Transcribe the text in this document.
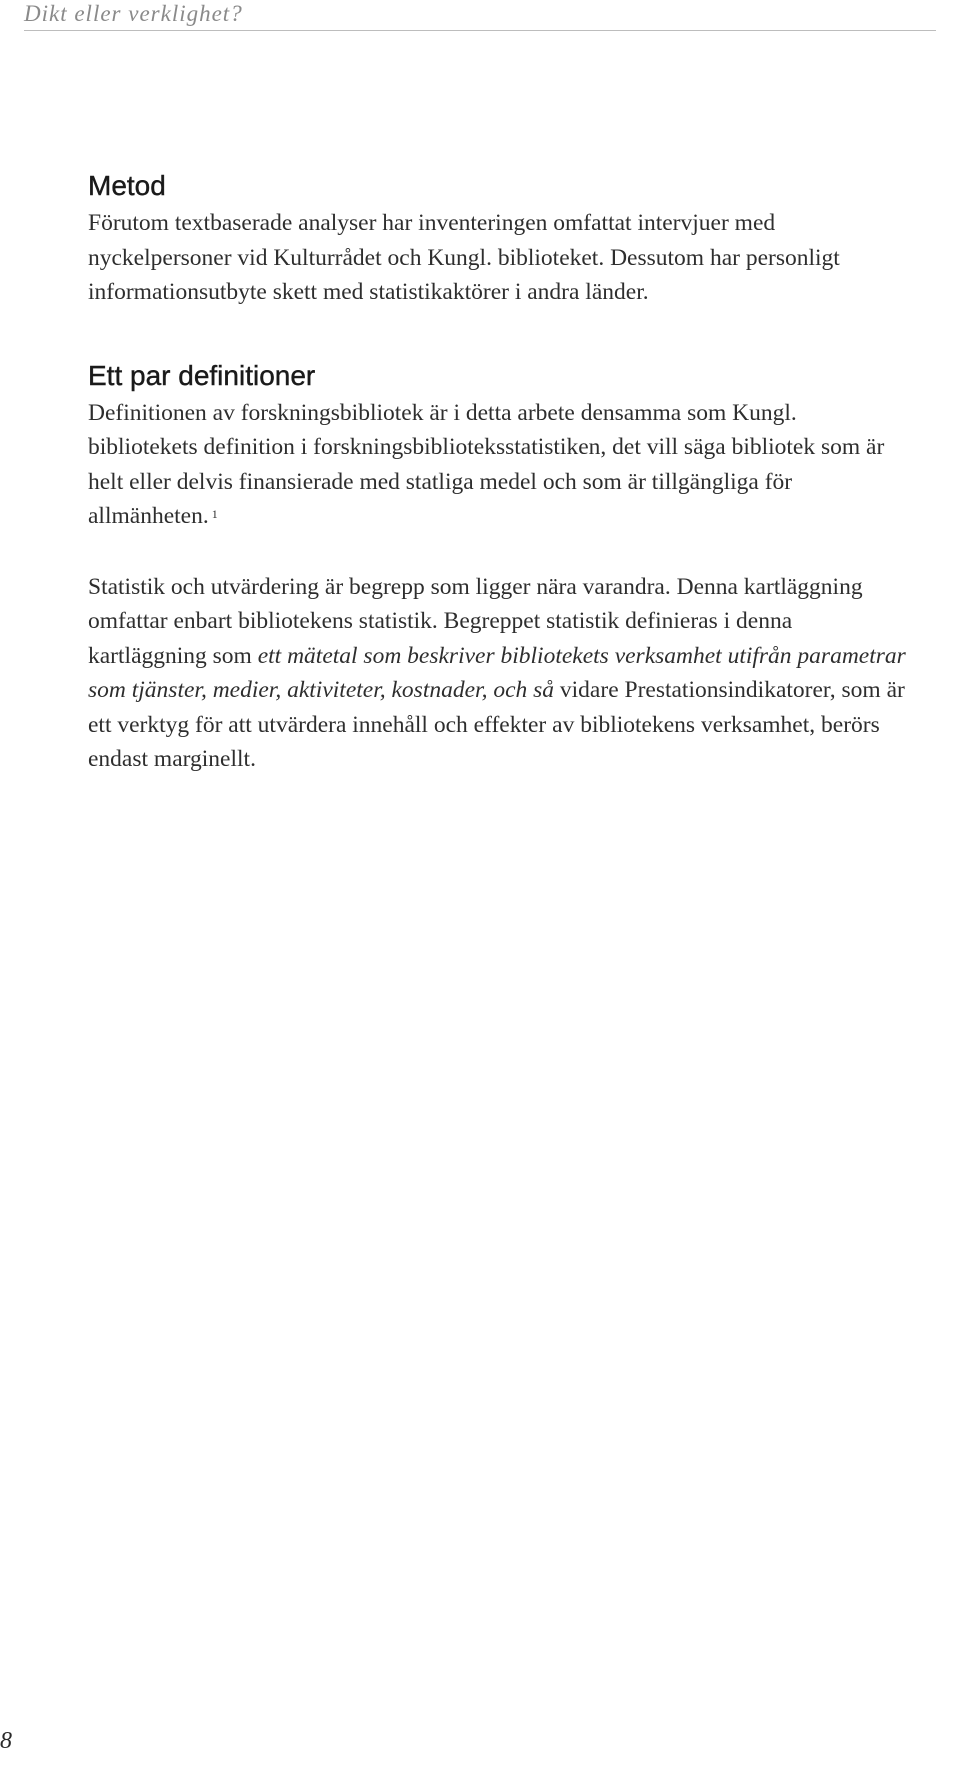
Dikt eller verklighet?
Metod

Förutom textbaserade analyser har inventeringen omfattat intervjuer med nyckelpersoner vid Kulturrådet och Kungl. biblioteket. Dessutom har personligt informationsutbyte skett med statistikaktörer i andra länder.

Ett par definitioner

Definitionen av forskningsbibliotek är i detta arbete densamma som Kungl. bibliotekets definition i forskningsbiblioteksstatistiken, det vill säga bibliotek som är helt eller delvis finansierade med statliga medel och som är tillgängliga för allmänheten. $^1$

Statistik och utvärdering är begrepp som ligger nära varandra. Denna kartläggning omfattar enbart bibliotekens statistik. Begreppet statistik definieras i denna kartläggning som ett mätetal som beskriver bibliotekets verksamhet utifrån parametrar som tjänster, medier, aktiviteter, kostnader, och så vidare Prestationsindikatorer, som är ett verktyg för att utvärdera innehåll och effekter av bibliotekens verksamhet, berörs endast marginellt.

8
